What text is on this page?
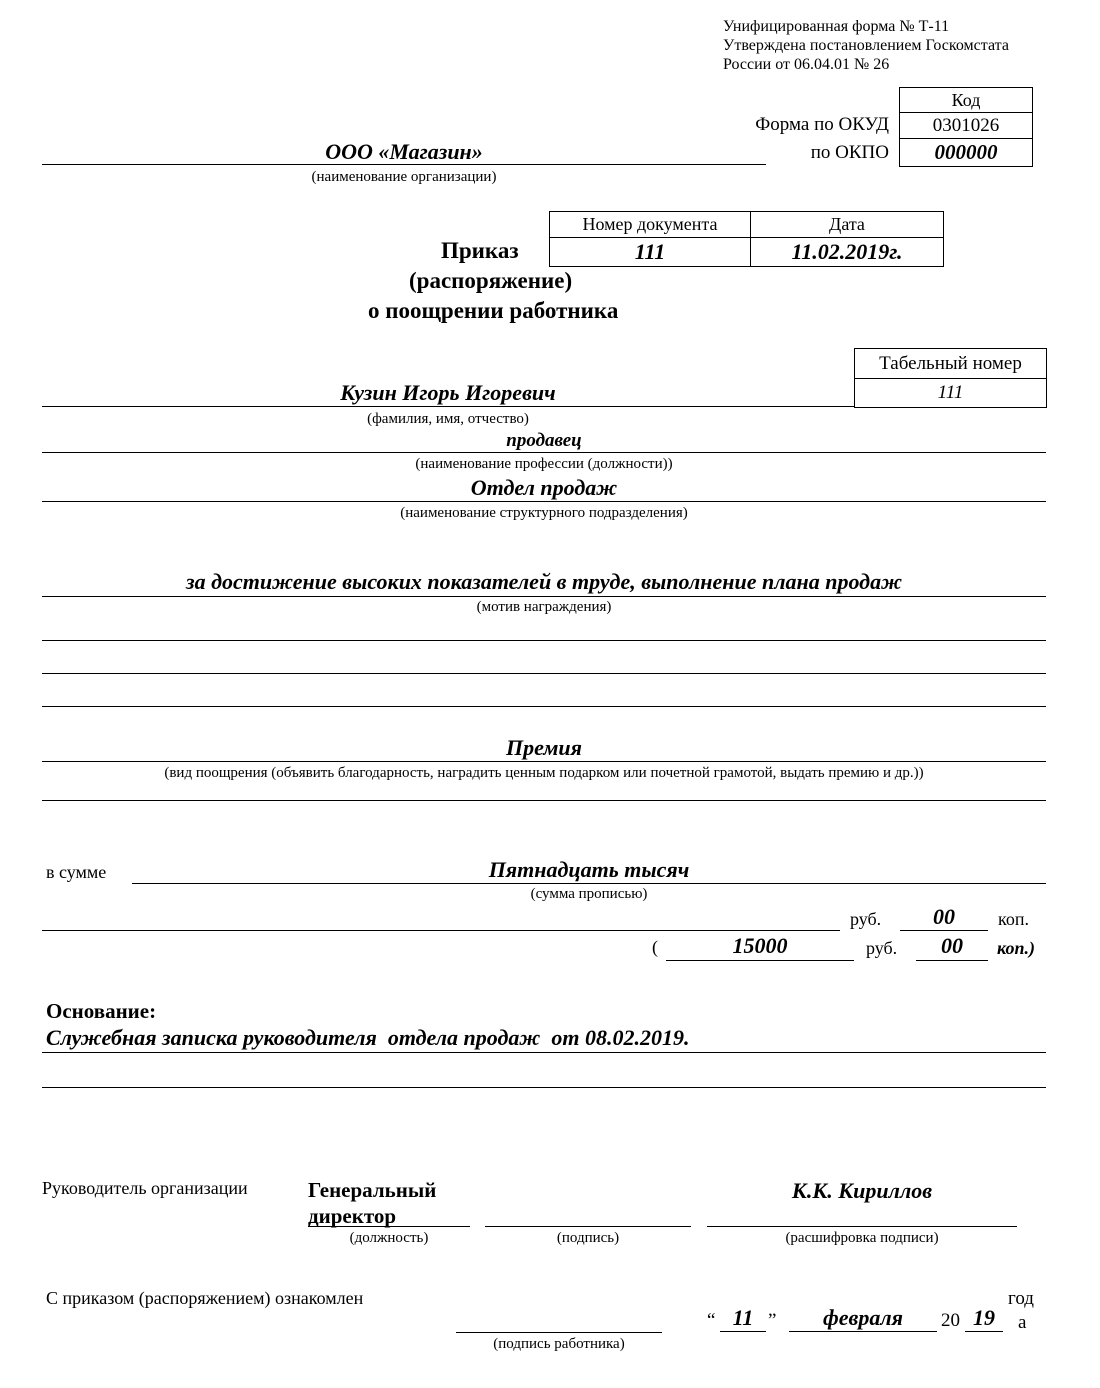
Унифицированная форма № Т-11
Утверждена постановлением Госкомстата
России от 06.04.01 № 26
Код
0301026
000000
Форма по ОКУД
по ОКПО
ООО «Магазин»
(наименование организации)
Номер документа	Дата
111	11.02.2019г.
Приказ
(распоряжение)
о поощрении работника
Табельный номер
111
Кузин Игорь Игоревич
(фамилия, имя, отчество)
продавец
(наименование профессии (должности))
Отдел продаж
(наименование структурного подразделения)
за достижение высоких показателей в труде, выполнение плана продаж
(мотив награждения)
Премия
(вид поощрения (объявить благодарность, наградить ценным подарком или почетной грамотой, выдать премию и др.))
в сумме	Пятнадцать тысяч
(сумма прописью)
руб.	00	коп.
(	15000	руб.	00	коп.)
Основание:
Служебная записка руководителя  отдела продаж  от 08.02.2019.
Руководитель организации	Генеральный
директор
(должность)	(подпись)
К.К. Кириллов
(расшифровка подписи)
С приказом (распоряжением) ознакомлен
(подпись работника)
“ 11 ”	февраля	20 19
год
а
